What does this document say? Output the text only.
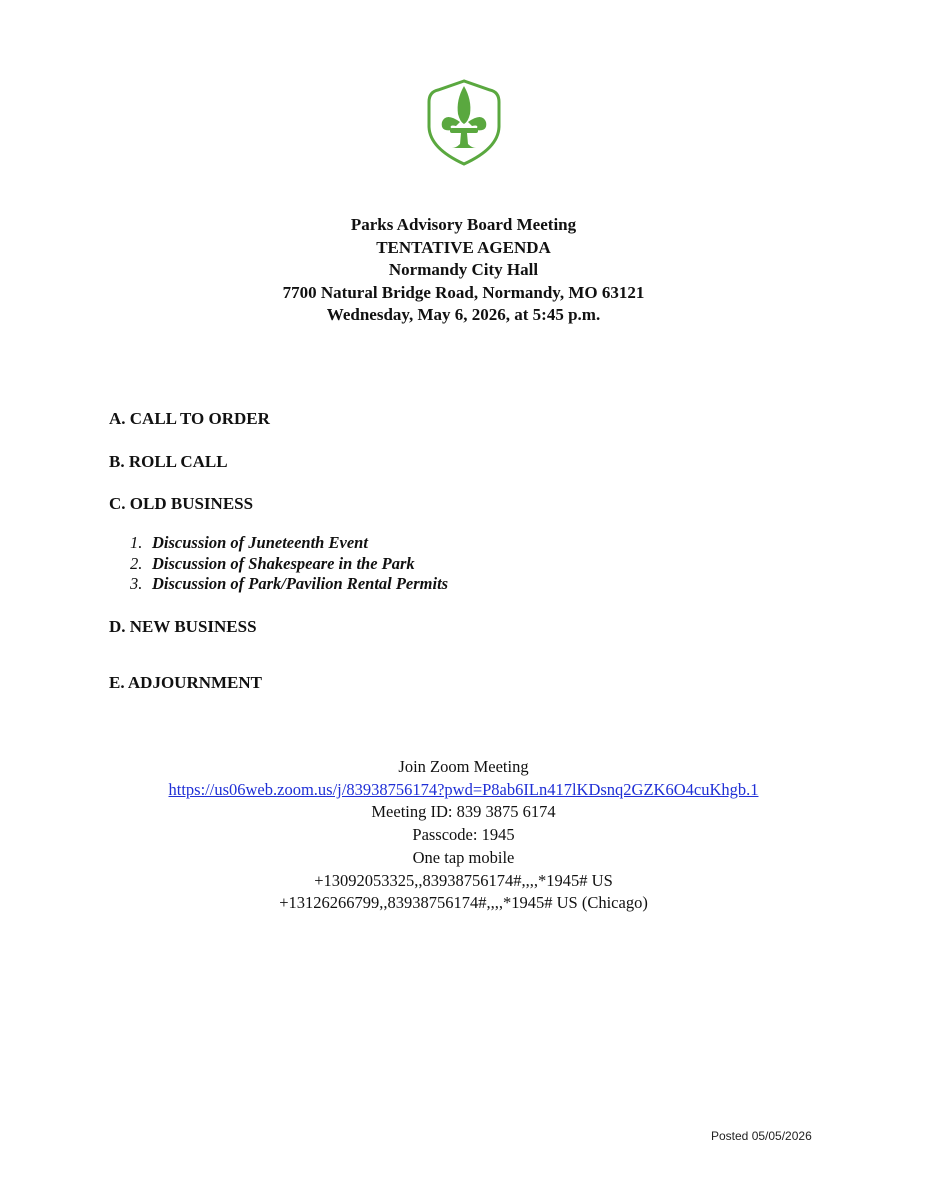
Parks Advisory Board Meeting
TENTATIVE AGENDA
Normandy City Hall
7700 Natural Bridge Road, Normandy, MO 63121
Wednesday, May 6, 2026, at 5:45 p.m.
A. CALL TO ORDER
B. ROLL CALL
C. OLD BUSINESS
1. Discussion of Juneteenth Event
2. Discussion of Shakespeare in the Park
3. Discussion of Park/Pavilion Rental Permits
D. NEW BUSINESS
E. ADJOURNMENT
Join Zoom Meeting
https://us06web.zoom.us/j/83938756174?pwd=P8ab6ILn417lKDsnq2GZK6O4cuKhgb.1
Meeting ID: 839 3875 6174
Passcode: 1945
One tap mobile
+13092053325,,83938756174#,,,,*1945# US
+13126266799,,83938756174#,,,,*1945# US (Chicago)
Posted 05/05/2026
